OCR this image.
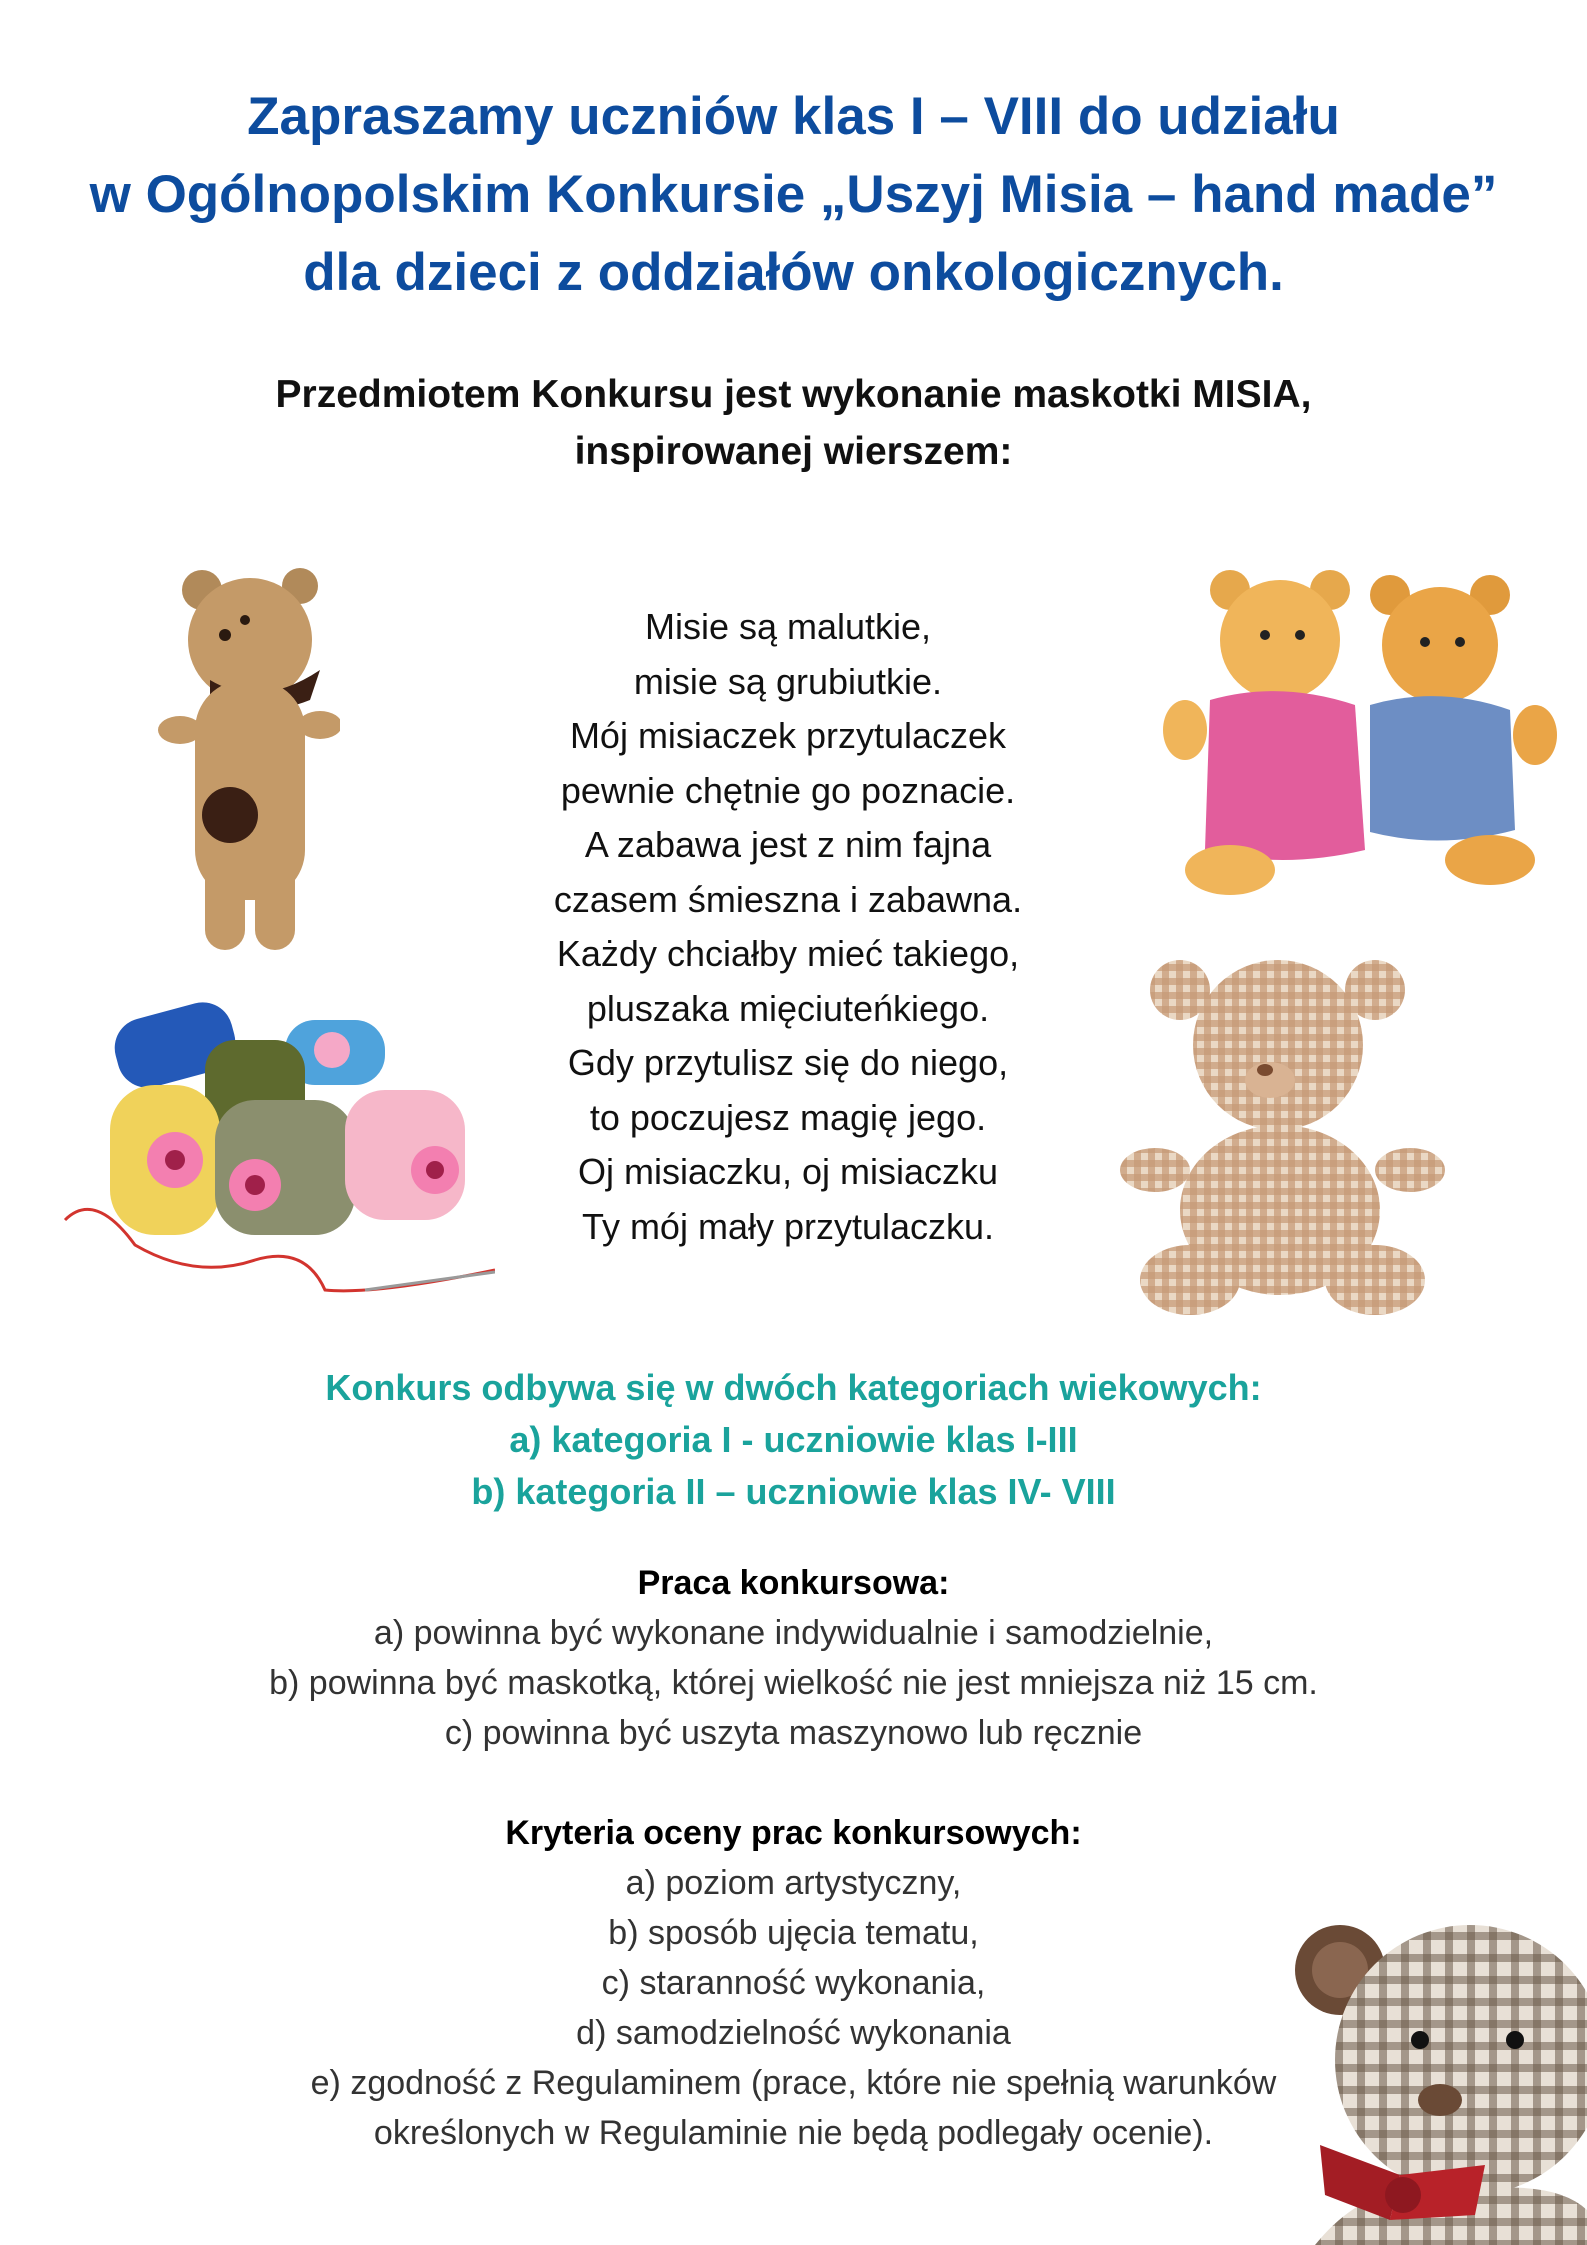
Zapraszamy uczniów klas I – VIII do udziału
w Ogólnopolskim Konkursie „Uszyj Misia – hand made”
dla dzieci z oddziałów onkologicznych.
Przedmiotem Konkursu jest wykonanie maskotki MISIA,
inspirowanej wierszem:
Misie są malutkie,
misie są grubiutkie.
Mój misiaczek przytulaczek
pewnie chętnie go poznacie.
A zabawa jest z nim fajna
czasem śmieszna i zabawna.
Każdy chciałby mieć takiego,
pluszaka mięciuteńkiego.
Gdy przytulisz się do niego,
to poczujesz magię jego.
Oj misiaczku, oj misiaczku
Ty mój mały przytulaczku.
Konkurs odbywa się w dwóch kategoriach wiekowych:
a) kategoria I - uczniowie klas I-III
b) kategoria II – uczniowie klas IV- VIII
Praca konkursowa:
a) powinna być wykonane indywidualnie i samodzielnie,
b) powinna być maskotką, której wielkość nie jest mniejsza niż 15 cm.
c) powinna być uszyta maszynowo lub ręcznie
Kryteria oceny prac konkursowych:
a) poziom artystyczny,
b) sposób ujęcia tematu,
c) staranność wykonania,
d) samodzielność wykonania
e) zgodność z Regulaminem (prace, które nie spełnią warunków
określonych w Regulaminie nie będą podlegały ocenie).
